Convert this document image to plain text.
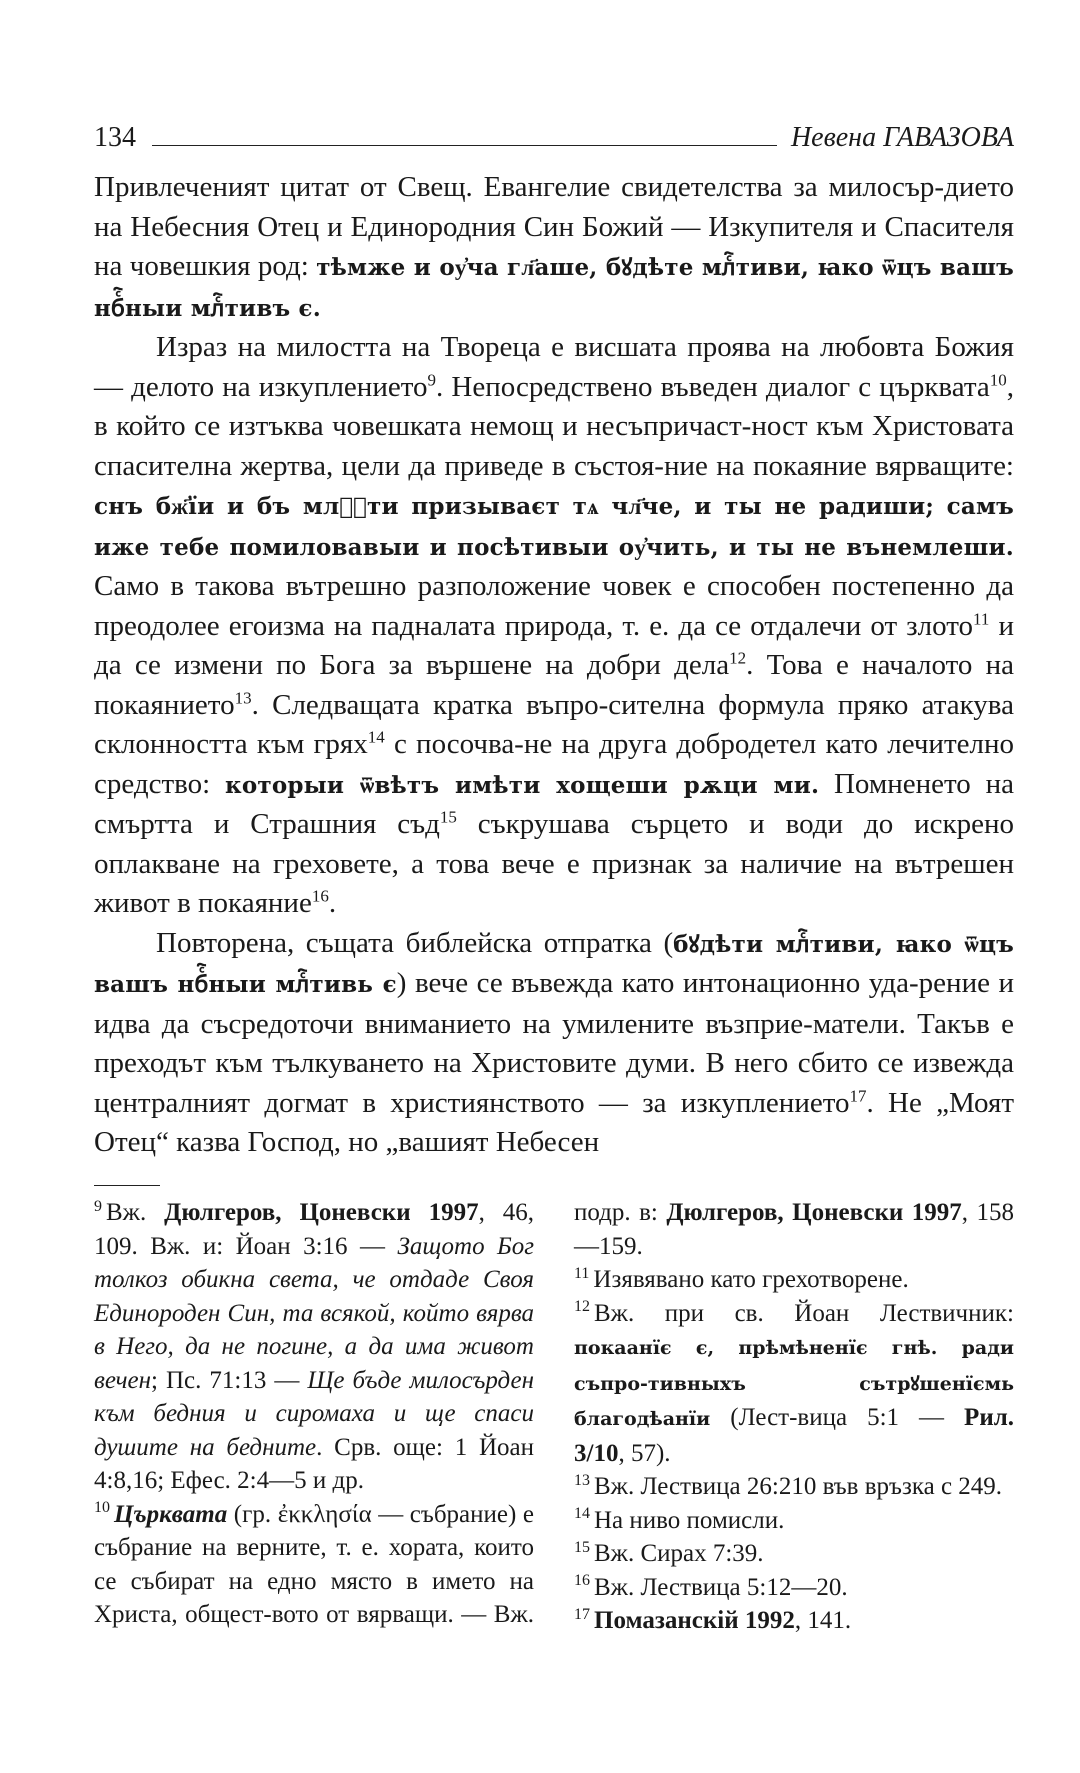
134	Невена ГАВАЗОВА

Привлеченият цитат от Свещ. Евангелие свидетелства за милосър-дието на Небесния Отец и Единородния Син Божий — Изкупителя и Спасителя на човешкия род: тѣмже и оу҆ча гл҃аше, бꙋдѣте млⷭ҇тиви, ꙗко ѿцъ вашъ нбⷭ҇ныи млⷭ҇тивъ є.

Израз на милостта на Твореца е висшата проява на любовта Божия — делото на изкуплението$^9$. Непосредствено въведен диалог с църквата$^{10}$, в който се изтъква човешката немощ и несъпричаст-ност към Христовата спасителна жертва, цели да приведе в състоя-ние на покаяние вярващите: снъ бж҃їи и бъ млⷭ҇ти призываєт тѧ чл҃че, и ты не радиши; самъ иже тебе помиловавыи и посѣтивыи оу҆чить, и ты не вънемлеши. Само в такова вътрешно разположение човек е способен постепенно да преодолее егоизма на падналата природа, т. е. да се отдалечи от злото$^{11}$ и да се измени по Бога за вършене на добри дела$^{12}$. Това е началото на покаянието$^{13}$. Следващата кратка въпро-сителна формула пряко атакува склонността към грях$^{14}$ с посочва-не на друга добродетел като лечително средство: которыи ѿвѣтъ имѣти хощеши рѫци ми. Помненето на смъртта и Страшния съд$^{15}$ съкрушава сърцето и води до искрено оплакване на греховете, а това вече е признак за наличие на вътрешен живот в покаяние$^{16}$.

Повторена, същата библейска отпратка (бꙋдѣти млⷭ҇тиви, ꙗко ѿцъ вашъ нбⷭ҇ныи млⷭ҇тивь є) вече се въвежда като интонационно уда-рение и идва да съсредоточи вниманието на умилените възприе-матели. Такъв е преходът към тълкуването на Христовите думи. В него сбито се извежда централният догмат в християнството — за изкуплението$^{17}$. Не „Моят Отец“ казва Господ, но „вашият Небесен

$^9$ Вж. Дюлгеров, Цоневски 1997, 46, 109. Вж. и: Йоан 3:16 — Защото Бог толкоз обикна света, че отдаде Своя Единороден Син, та всякой, който вярва в Него, да не погине, а да има живот вечен; Пс. 71:13 — Ще бъде милосърден към бедния и сиромаха и ще спаси душите на бедните. Срв. още: 1 Йоан 4:8,16; Ефес. 2:4—5 и др.

$^{10}$ Църквата (гр. ἐκκλησία — събрание) е събрание на верните, т. е. хората, които се събират на едно място в името на Христа, общест-вото от вярващи. — Вж. подр. в: Дюлгеров, Цоневски 1997, 158—159.

$^{11}$ Изявявано като грехотворене.

$^{12}$ Вж. при св. Йоан Лествичник: покаанїє є, прѣмѣненїє гнѣ. ради съпро-тивныхъ сътрꙋшенїємь благодѣанїи (Лест-вица 5:1 — Рил. 3/10, 57).

$^{13}$ Вж. Лествица 26:210 във връзка с 249.

$^{14}$ На ниво помисли.

$^{15}$ Вж. Сирах 7:39.

$^{16}$ Вж. Лествица 5:12—20.

$^{17}$ Помазанскій 1992, 141.
